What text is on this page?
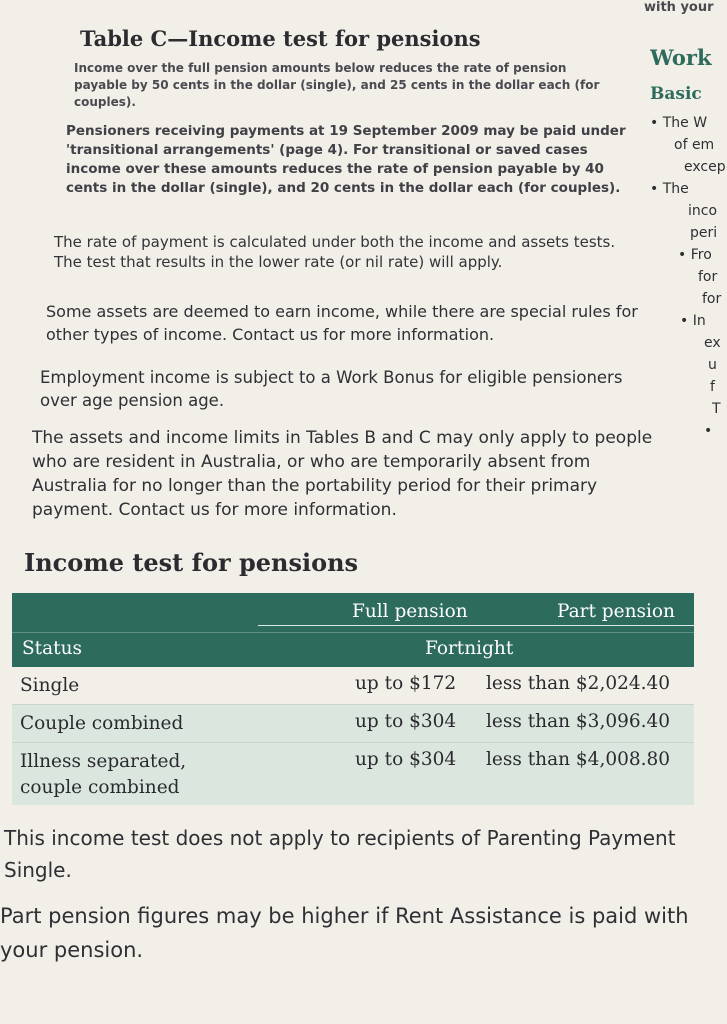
with your
Work
Basic
• The W
of em
excep
• The
inco
peri
• Fro
for
for
• In
ex
u
f
T
•
Table C—Income test for pensions

Income over the full pension amounts below reduces the rate of pension payable by 50 cents in the dollar (single), and 25 cents in the dollar each (for couples).

Pensioners receiving payments at 19 September 2009 may be paid under 'transitional arrangements' (page 4). For transitional or saved cases income over these amounts reduces the rate of pension payable by 40 cents in the dollar (single), and 20 cents in the dollar each (for couples).

The rate of payment is calculated under both the income and assets tests. The test that results in the lower rate (or nil rate) will apply.

Some assets are deemed to earn income, while there are special rules for other types of income. Contact us for more information.

Employment income is subject to a Work Bonus for eligible pensioners over age pension age.

The assets and income limits in Tables B and C may only apply to people who are resident in Australia, or who are temporarily absent from Australia for no longer than the portability period for their primary payment. Contact us for more information.

Income test for pensions
Full pension	Part pension
Status	Fortnight
Single	up to $172 less than $2,024.40
Couple combined	up to $304 less than $3,096.40
Illness separated,
couple combined
up to $304 less than $4,008.80

This income test does not apply to recipients of Parenting Payment Single.

Part pension figures may be higher if Rent Assistance is paid with your pension.
